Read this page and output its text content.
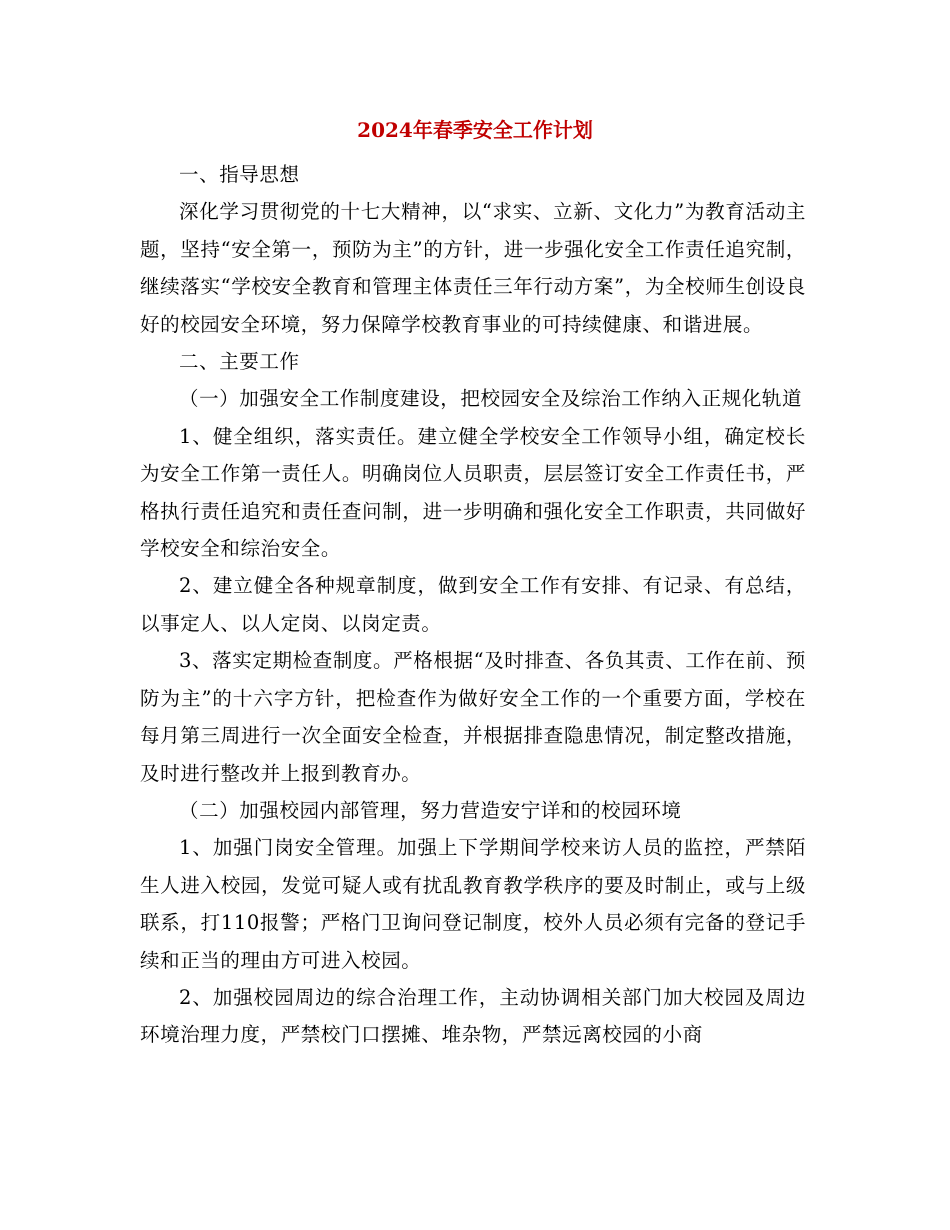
2024年春季安全工作计划

一、指导思想

深化学习贯彻党的十七大精神，以“求实、立新、文化力”为教育活动主题，坚持“安全第一，预防为主”的方针，进一步强化安全工作责任追究制，继续落实“学校安全教育和管理主体责任三年行动方案”，为全校师生创设良好的校园安全环境，努力保障学校教育事业的可持续健康、和谐进展。

二、主要工作

（一）加强安全工作制度建设，把校园安全及综治工作纳入正规化轨道

1、健全组织，落实责任。建立健全学校安全工作领导小组，确定校长为安全工作第一责任人。明确岗位人员职责，层层签订安全工作责任书，严格执行责任追究和责任查问制，进一步明确和强化安全工作职责，共同做好学校安全和综治安全。

2、建立健全各种规章制度，做到安全工作有安排、有记录、有总结，以事定人、以人定岗、以岗定责。

3、落实定期检查制度。严格根据“及时排查、各负其责、工作在前、预防为主”的十六字方针，把检查作为做好安全工作的一个重要方面，学校在每月第三周进行一次全面安全检查，并根据排查隐患情况，制定整改措施，及时进行整改并上报到教育办。

（二）加强校园内部管理，努力营造安宁详和的校园环境

1、加强门岗安全管理。加强上下学期间学校来访人员的监控，严禁陌生人进入校园，发觉可疑人或有扰乱教育教学秩序的要及时制止，或与上级联系，打110报警；严格门卫询问登记制度，校外人员必须有完备的登记手续和正当的理由方可进入校园。

2、加强校园周边的综合治理工作，主动协调相关部门加大校园及周边环境治理力度，严禁校门口摆摊、堆杂物，严禁远离校园的小商
